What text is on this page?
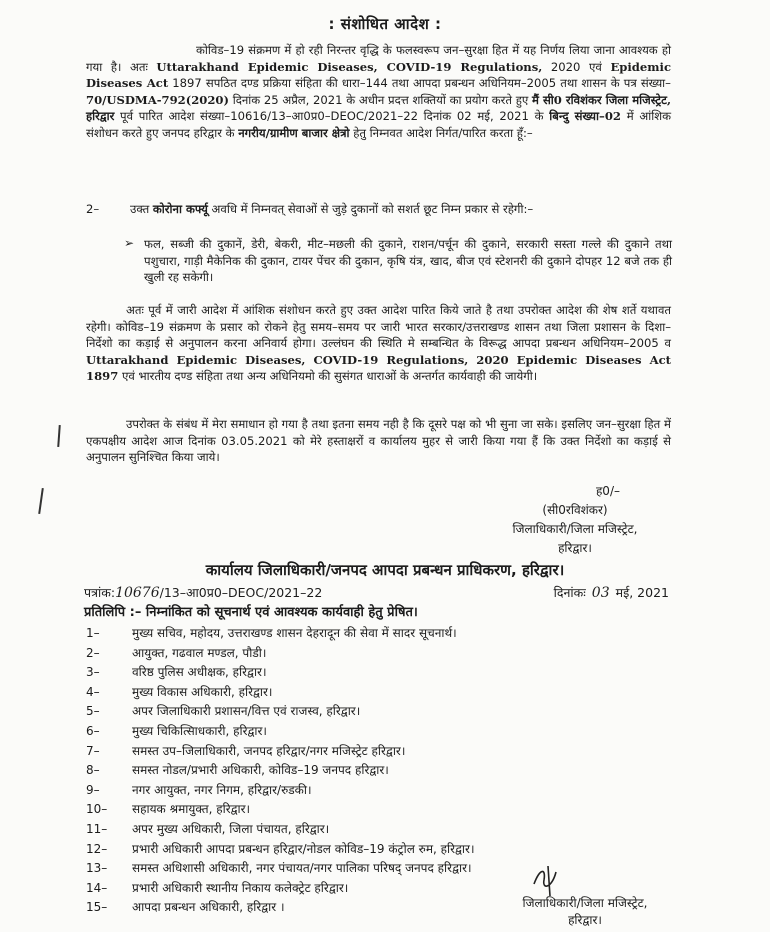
: संशोधित आदेश :
कोविड–19 संक्रमण में हो रही निरन्तर वृद्धि के फलस्वरूप जन–सुरक्षा हित में यह निर्णय लिया जाना आवश्यक हो गया है। अतः Uttarakhand Epidemic Diseases, COVID-19 Regulations, 2020 एवं Epidemic Diseases Act 1897 सपठित दण्ड प्रक्रिया संहिता की धारा–144 तथा आपदा प्रबन्धन अधिनियम–2005 तथा शासन के पत्र संख्या–70/USDMA-792(2020) दिनांक 25 अप्रैल, 2021 के अधीन प्रदत्त शक्तियों का प्रयोग करते हुए मैं सी0 रविशंकर जिला मजिस्ट्रेट, हरिद्वार पूर्व पारित आदेश संख्या–10616/13–आ0प्र0–DEOC/2021–22 दिनांक 02 मई, 2021 के बिन्दु संख्या–02 में आंशिक संशोधन करते हुए जनपद हरिद्वार के नगरीय/ग्रामीण बाजार क्षेत्रो हेतु निम्नवत आदेश निर्गत/पारित करता हूँ:–
2–	उक्त कोरोना कर्फ्यू अवधि में निम्नवत् सेवाओं से जुड़े दुकानों को सशर्त छूट निम्न प्रकार से रहेगी:–
➢ फल, सब्जी की दुकानें, डेरी, बेकरी, मीट–मछली की दुकाने, राशन/पर्चून की दुकाने, सरकारी सस्ता गल्ले की दुकाने तथा पशुचारा, गाड़ी मैकेनिक की दुकान, टायर पेंचर की दुकान, कृषि यंत्र, खाद, बीज एवं स्टेशनरी की दुकाने दोपहर 12 बजे तक ही खुली रह सकेगी।
अतः पूर्व में जारी आदेश में आंशिक संशोधन करते हुए उक्त आदेश पारित किये जाते है तथा उपरोक्त आदेश की शेष शर्ते यथावत रहेगी। कोविड–19 संक्रमण के प्रसार को रोकने हेतु समय–समय पर जारी भारत सरकार/उत्तराखण्ड शासन तथा जिला प्रशासन के दिशा–निर्देशो का कड़ाई से अनुपालन करना अनिवार्य होगा। उल्लंघन की स्थिति मे सम्बन्धित के विरूद्ध आपदा प्रबन्धन अधिनियम–2005 व Uttarakhand Epidemic Diseases, COVID-19 Regulations, 2020 Epidemic Diseases Act 1897 एवं भारतीय दण्ड संहिता तथा अन्य अधिनियमो की सुसंगत धाराओं के अन्तर्गत कार्यवाही की जायेगी।
उपरोक्त के संबंध में मेरा समाधान हो गया है तथा इतना समय नही है कि दूसरे पक्ष को भी सुना जा सके। इसलिए जन–सुरक्षा हित में एकपक्षीय आदेश आज दिनांक 03.05.2021 को मेरे हस्ताक्षरों व कार्यालय मुहर से जारी किया गया हैं कि उक्त निर्देशो का कड़ाई से अनुपालन सुनिश्चित किया जाये।
ह0/–
(सी0रविशंकर)
जिलाधिकारी/जिला मजिस्ट्रेट,
हरिद्वार।
कार्यालय जिलाधिकारी/जनपद आपदा प्रबन्धन प्राधिकरण, हरिद्वार।
पत्रांक:10676/13–आ0प्र0–DEOC/2021–22	दिनांकः 03 मई, 2021
प्रतिलिपि :– निम्नांकित को सूचनार्थ एवं आवश्यक कार्यवाही हेतु प्रेषित।
1–	मुख्य सचिव, महोदय, उत्तराखण्ड शासन देहरादून की सेवा में सादर सूचनार्थ।
2–	आयुक्त, गढवाल मण्डल, पौडी।
3–	वरिष्ठ पुलिस अधीक्षक, हरिद्वार।
4–	मुख्य विकास अधिकारी, हरिद्वार।
5–	अपर जिलाधिकारी प्रशासन/वित्त एवं राजस्व, हरिद्वार।
6–	मुख्य चिकित्सािधकारी, हरिद्वार।
7–	समस्त उप–जिलाधिकारी, जनपद हरिद्वार/नगर मजिस्ट्रेट हरिद्वार।
8–	समस्त नोडल/प्रभारी अधिकारी, कोविड–19 जनपद हरिद्वार।
9–	नगर आयुक्त, नगर निगम, हरिद्वार/रुडकी।
10–	सहायक श्रमायुक्त, हरिद्वार।
11–	अपर मुख्य अधिकारी, जिला पंचायत, हरिद्वार।
12–	प्रभारी अधिकारी आपदा प्रबन्धन हरिद्वार/नोडल कोविड–19 कंट्रोल रुम, हरिद्वार।
13–	समस्त अधिशासी अधिकारी, नगर पंचायत/नगर पालिका परिषद् जनपद हरिद्वार।
14–	प्रभारी अधिकारी स्थानीय निकाय कलेक्ट्रेट हरिद्वार।
15–	आपदा प्रबन्धन अधिकारी, हरिद्वार ।	जिलाधिकारी/जिला मजिस्ट्रेट,
हरिद्वार।
